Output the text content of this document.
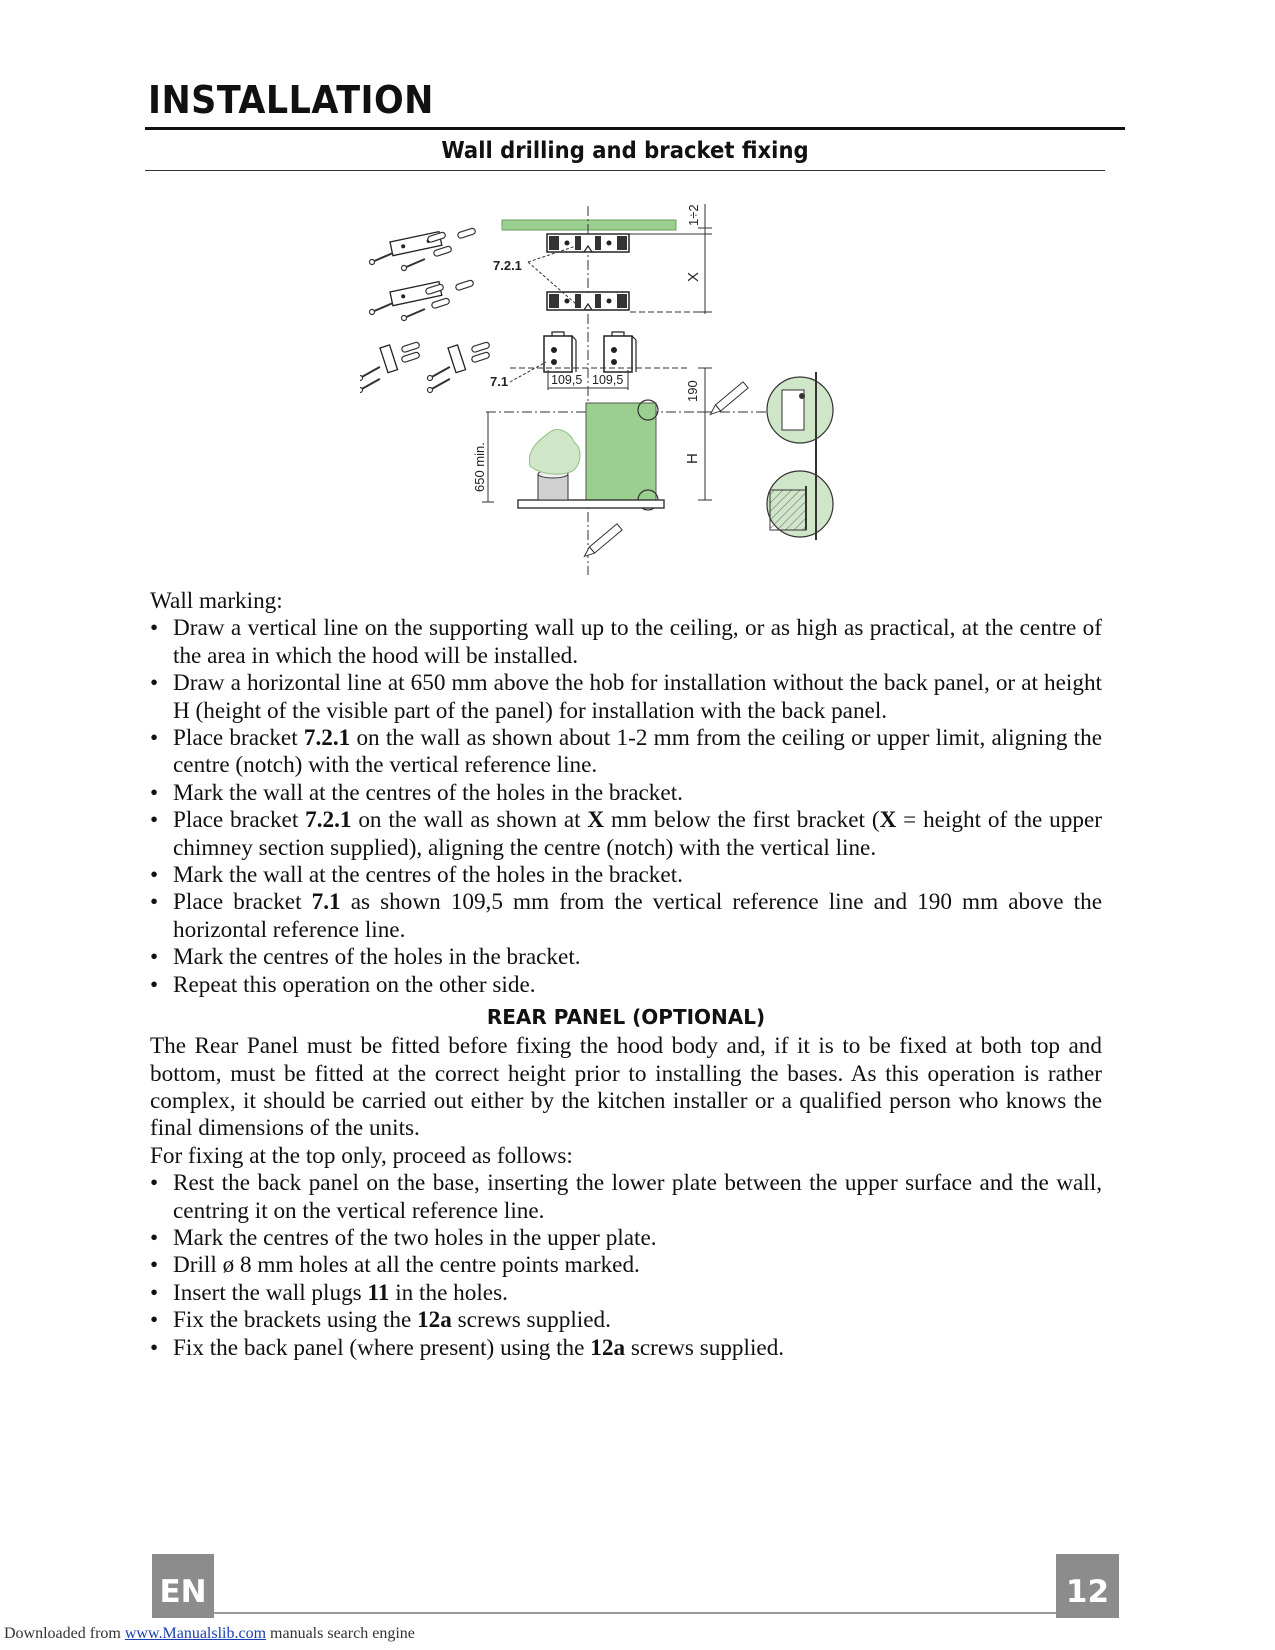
INSTALLATION
Wall drilling and bracket fixing
7.2.1
1÷2
X
109,5 109,5
7.1	190
H
650 min.

Wall marking:

• Draw a vertical line on the supporting wall up to the ceiling, or as high as practical, at the centre of the area in which the hood will be installed.
• Draw a horizontal line at 650 mm above the hob for installation without the back panel, or at height H (height of the visible part of the panel) for installation with the back panel.
• Place bracket 7.2.1 on the wall as shown about 1-2 mm from the ceiling or upper limit, aligning the centre (notch) with the vertical reference line.
• Mark the wall at the centres of the holes in the bracket.
• Place bracket 7.2.1 on the wall as shown at X mm below the first bracket (X = height of the upper chimney section supplied), aligning the centre (notch) with the vertical line.
• Mark the wall at the centres of the holes in the bracket.
• Place bracket 7.1 as shown 109,5 mm from the vertical reference line and 190 mm above the horizontal reference line.
• Mark the centres of the holes in the bracket.
• Repeat this operation on the other side.

REAR PANEL (OPTIONAL)

The Rear Panel must be fitted before fixing the hood body and, if it is to be fixed at both top and bottom, must be fitted at the correct height prior to installing the bases. As this operation is rather complex, it should be carried out either by the kitchen installer or a qualified person who knows the final dimensions of the units.

For fixing at the top only, proceed as follows:

• Rest the back panel on the base, inserting the lower plate between the upper surface and the wall, centring it on the vertical reference line.
• Mark the centres of the two holes in the upper plate.
• Drill ø 8 mm holes at all the centre points marked.
• Insert the wall plugs 11 in the holes.
• Fix the brackets using the 12a screws supplied.
• Fix the back panel (where present) using the 12a screws supplied.
EN	12
Downloaded from www.Manualslib.com manuals search engine
